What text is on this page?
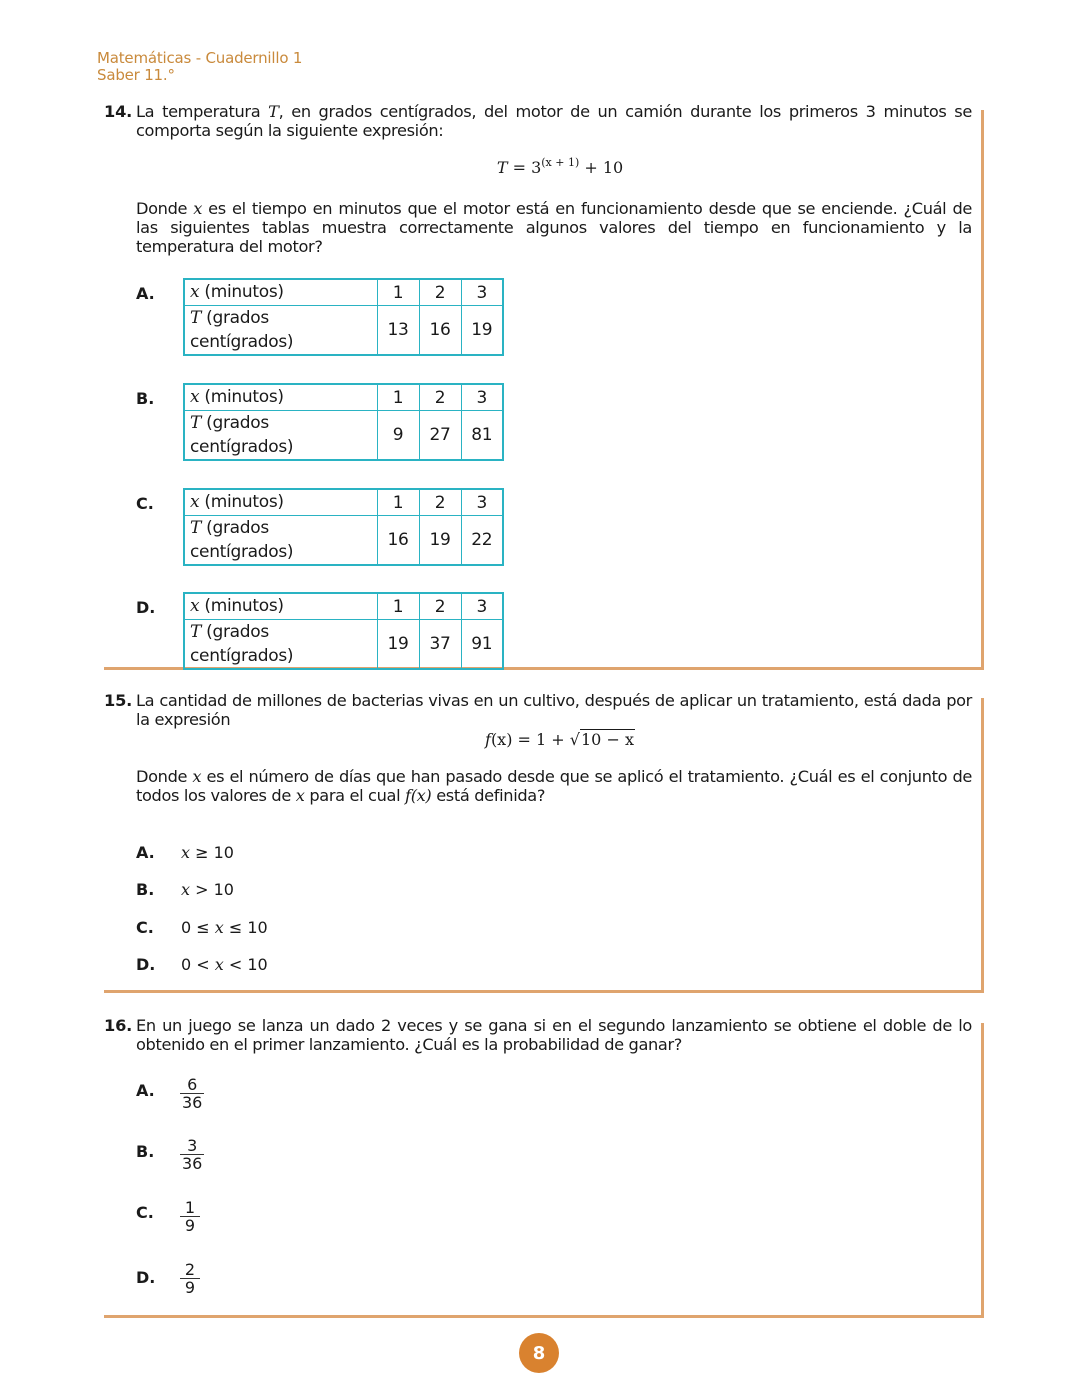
Matemáticas - Cuadernillo 1
Saber 11.°
14. La temperatura T, en grados centígrados, del motor de un camión durante los primeros 3 minutos se comporta según la siguiente expresión:
$T = 3^{(x + 1)} + 10$
Donde x es el tiempo en minutos que el motor está en funcionamiento desde que se enciende. ¿Cuál de las siguientes tablas muestra correctamente algunos valores del tiempo en funcionamiento y la temperatura del motor?
A. x (minutos)	1	2	3
T (grados centígrados)	13	16	19
B. x (minutos)	1	2	3
T (grados centígrados)	9	27	81
C. x (minutos)	1	2	3
T (grados centígrados)	16	19	22
D. x (minutos)	1	2	3
T (grados centígrados)	19	37	91
15. La cantidad de millones de bacterias vivas en un cultivo, después de aplicar un tratamiento, está dada por la expresión
f(x) = 1 + √10 − x
Donde x es el número de días que han pasado desde que se aplicó el tratamiento. ¿Cuál es el conjunto de todos los valores de x para el cual f(x) está definida?
A. x ≥ 10
B. x > 10
C. 0 ≤ x ≤ 10
D. 0 < x < 10
16. En un juego se lanza un dado 2 veces y se gana si en el segundo lanzamiento se obtiene el doble de lo obtenido en el primer lanzamiento. ¿Cuál es la probabilidad de ganar?
A. 6
36
B. 3
36
C. 1
9
D. 2
9
8
